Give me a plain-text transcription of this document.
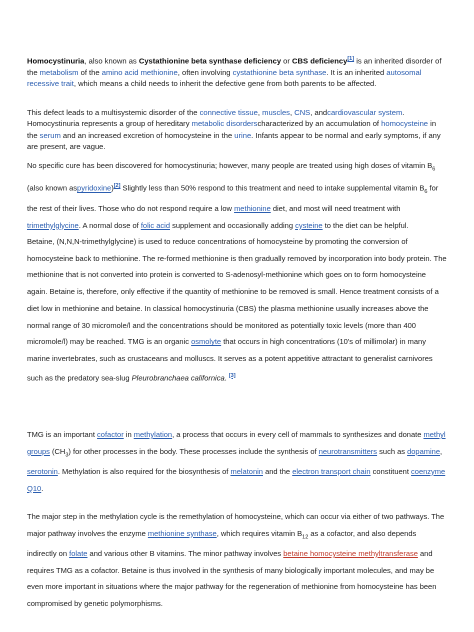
Homocystinuria, also known as Cystathionine beta synthase deficiency or CBS deficiency[1] is an inherited disorder of the metabolism of the amino acid methionine, often involving cystathionine beta synthase. It is an inherited autosomal recessive trait, which means a child needs to inherit the defective gene from both parents to be affected.

This defect leads to a multisystemic disorder of the connective tissue, muscles, CNS, andcardiovascular system. Homocystinuria represents a group of hereditary metabolic disorderscharacterized by an accumulation of homocysteine in the serum and an increased excretion of homocysteine in the urine. Infants appear to be normal and early symptoms, if any are present, are vague.

No specific cure has been discovered for homocystinuria; however, many people are treated using high doses of vitamin $B_6$ (also known aspyridoxine)[2] Slightly less than 50% respond to this treatment and need to intake supplemental vitamin $B_6$ for the rest of their lives. Those who do not respond require a low methionine diet, and most will need treatment with trimethylglycine. A normal dose of folic acid supplement and occasionally adding cysteine to the diet can be helpful.

Betaine, (N,N,N-trimethylglycine) is used to reduce concentrations of homocysteine by promoting the conversion of homocysteine back to methionine. The re-formed methionine is then gradually removed by incorporation into body protein. The methionine that is not converted into protein is converted to S-adenosyl-methionine which goes on to form homocysteine again. Betaine is, therefore, only effective if the quantity of methionine to be removed is small. Hence treatment consists of a diet low in methionine and betaine. In classical homocystinuria (CBS) the plasma methionine usually increases above the normal range of 30 micromole/l and the concentrations should be monitored as potentially toxic levels (more than 400 micromole/l) may be reached. TMG is an organic osmolyte that occurs in high concentrations (10's of millimolar) in many marine invertebrates, such as crustaceans and molluscs. It serves as a potent appetitive attractant to generalist carnivores such as the predatory sea-slug Pleurobranchaea californica. [3]

TMG is an important cofactor in methylation, a process that occurs in every cell of mammals to synthesizes and donate methyl groups $(CH_3)$ for other processes in the body. These processes include the synthesis of neurotransmitters such as dopamine, serotonin. Methylation is also required for the biosynthesis of melatonin and the electron transport chain constituent coenzyme Q10.

The major step in the methylation cycle is the remethylation of homocysteine, which can occur via either of two pathways. The major pathway involves the enzyme methionine synthase, which requires vitamin $B_{12}$ as a cofactor, and also depends indirectly on folate and various other B vitamins. The minor pathway involves betaine homocysteine methyltransferase and requires TMG as a cofactor. Betaine is thus involved in the synthesis of many biologically important molecules, and may be even more important in situations where the major pathway for the regeneration of methionine from homocysteine has been compromised by genetic polymorphisms.
